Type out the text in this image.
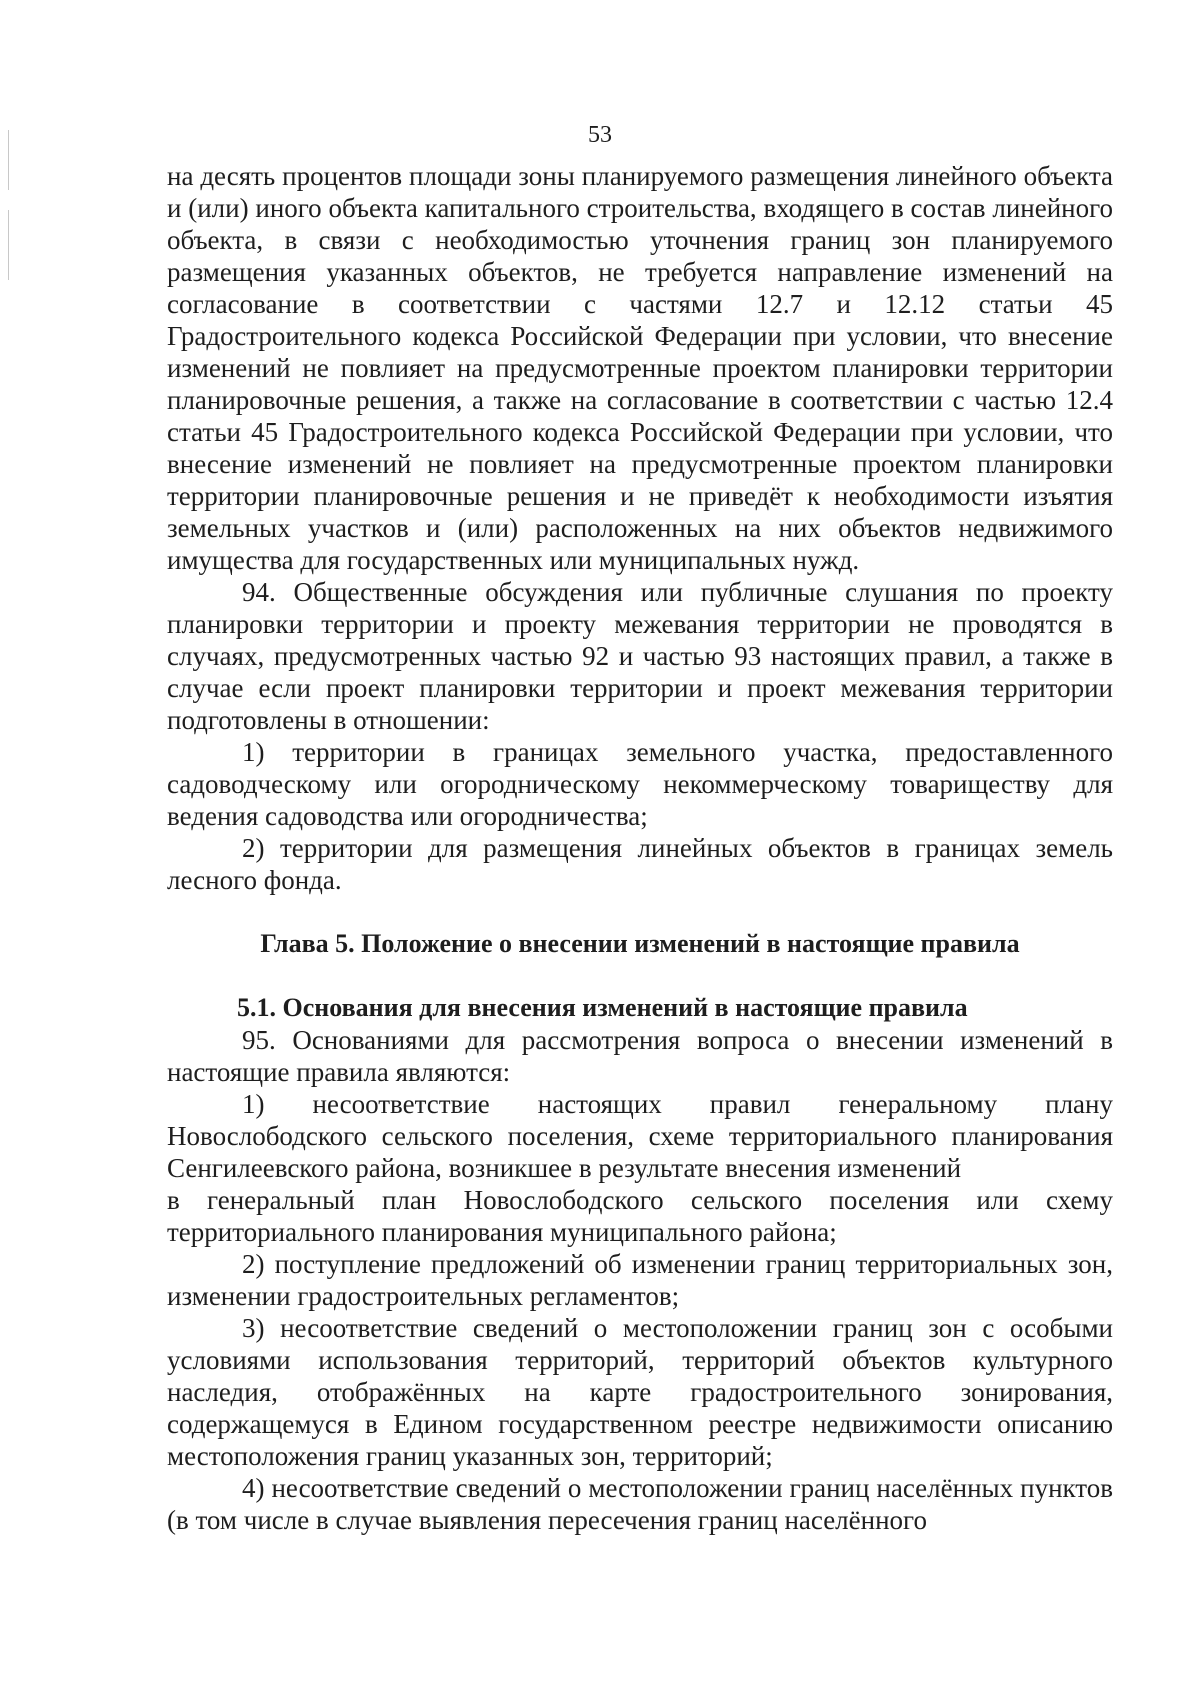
53

на десять процентов площади зоны планируемого размещения линейного объекта и (или) иного объекта капитального строительства, входящего в состав линейного объекта, в связи с необходимостью уточнения границ зон планируемого размещения указанных объектов, не требуется направление изменений на согласование в соответствии с частями 12.7 и 12.12 статьи 45 Градостроительного кодекса Российской Федерации при условии, что внесение изменений не повлияет на предусмотренные проектом планировки территории планировочные решения, а также на согласование в соответствии с частью 12.4 статьи 45 Градостроительного кодекса Российской Федерации при условии, что внесение изменений не повлияет на предусмотренные проектом планировки территории планировочные решения и не приведёт к необходимости изъятия земельных участков и (или) расположенных на них объектов недвижимого имущества для государственных или муниципальных нужд.

94. Общественные обсуждения или публичные слушания по проекту планировки территории и проекту межевания территории не проводятся в случаях, предусмотренных частью 92 и частью 93 настоящих правил, а также в случае если проект планировки территории и проект межевания территории подготовлены в отношении:

1) территории в границах земельного участка, предоставленного садоводческому или огородническому некоммерческому товариществу для ведения садоводства или огородничества;

2) территории для размещения линейных объектов в границах земель лесного фонда.

Глава 5. Положение о внесении изменений в настоящие правила

5.1. Основания для внесения изменений в настоящие правила

95. Основаниями для рассмотрения вопроса о внесении изменений в настоящие правила являются:

1) несоответствие настоящих правил генеральному плану Новослободского сельского поселения, схеме территориального планирования Сенгилеевского района, возникшее в результате внесения изменений

в генеральный план Новослободского сельского поселения или схему территориального планирования муниципального района;

2) поступление предложений об изменении границ территориальных зон, изменении градостроительных регламентов;

3) несоответствие сведений о местоположении границ зон с особыми условиями использования территорий, территорий объектов культурного наследия, отображённых на карте градостроительного зонирования, содержащемуся в Едином государственном реестре недвижимости описанию местоположения границ указанных зон, территорий;

4) несоответствие сведений о местоположении границ населённых пунктов (в том числе в случае выявления пересечения границ населённого
